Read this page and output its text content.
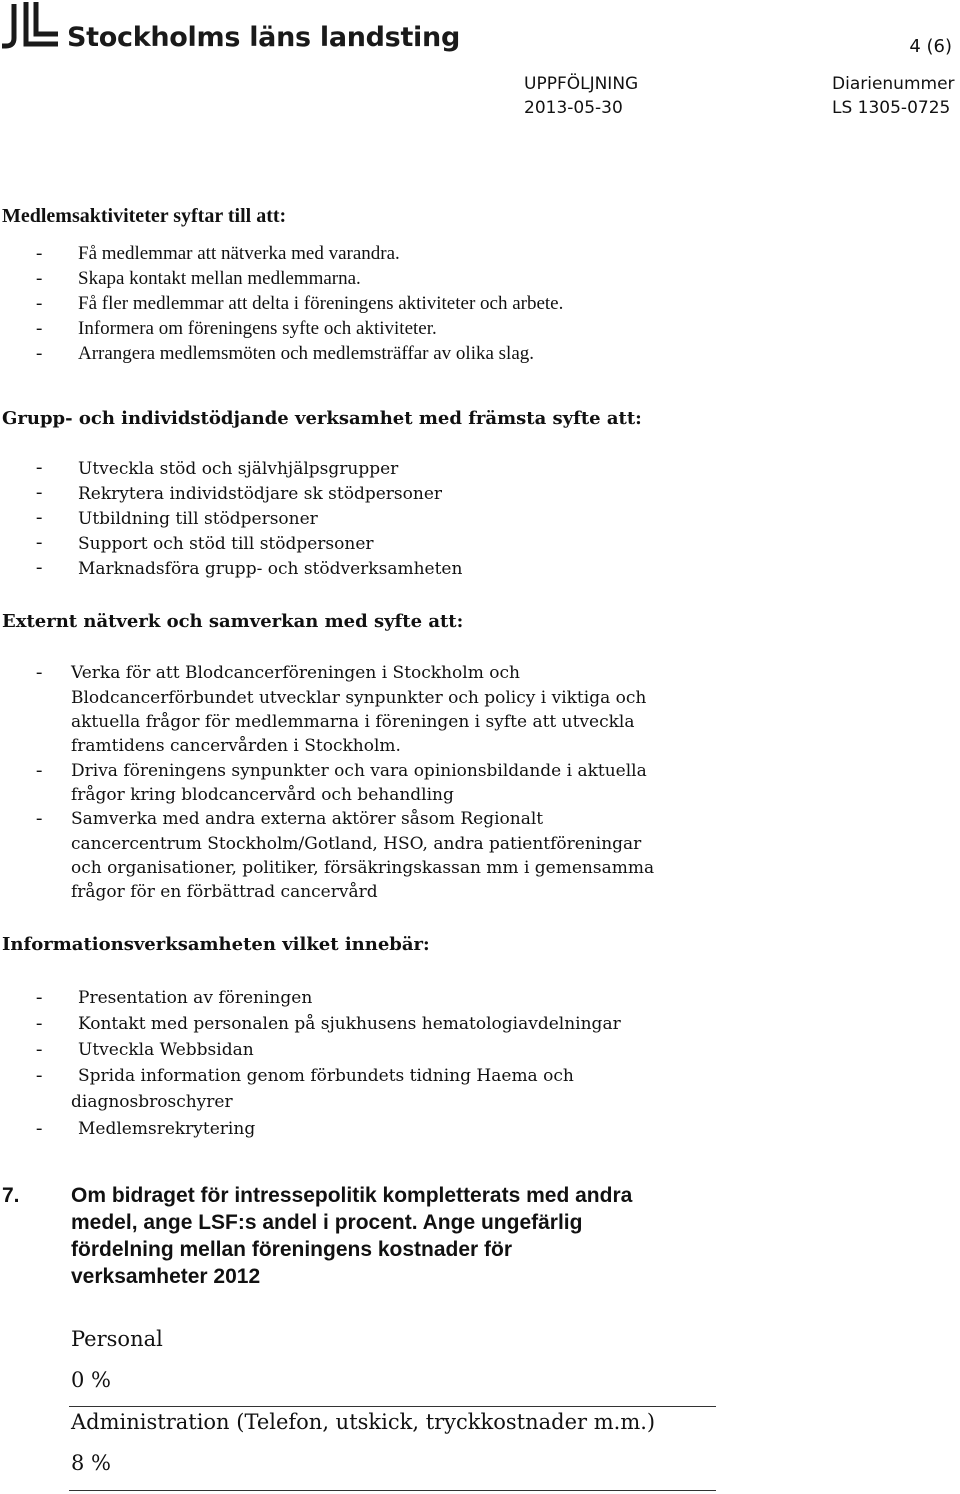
Stockholms läns landsting	4 (6)
UPPFÖLJNING
2013-05-30
Diarienummer
LS 1305-0725
Medlemsaktiviteter syftar till att:
- Få medlemmar att nätverka med varandra.
- Skapa kontakt mellan medlemmarna.
- Få fler medlemmar att delta i föreningens aktiviteter och arbete.
- Informera om föreningens syfte och aktiviteter.
- Arrangera medlemsmöten och medlemsträffar av olika slag.
Grupp- och individstödjande verksamhet med främsta syfte att:
- Utveckla stöd och självhjälpsgrupper
- Rekrytera individstödjare sk stödpersoner
- Utbildning till stödpersoner
- Support och stöd till stödpersoner
- Marknadsföra grupp- och stödverksamheten
Externt nätverk och samverkan med syfte att:
- Verka för att Blodcancerföreningen i Stockholm och
Blodcancerförbundet utvecklar synpunkter och policy i viktiga och
aktuella frågor för medlemmarna i föreningen i syfte att utveckla
framtidens cancervården i Stockholm.
- Driva föreningens synpunkter och vara opinionsbildande i aktuella
frågor kring blodcancervård och behandling
- Samverka med andra externa aktörer såsom Regionalt
cancercentrum Stockholm/Gotland, HSO, andra patientföreningar
och organisationer, politiker, försäkringskassan mm i gemensamma
frågor för en förbättrad cancervård
Informationsverksamheten vilket innebär:
- Presentation av föreningen
- Kontakt med personalen på sjukhusens hematologiavdelningar
- Utveckla Webbsidan
- Sprida information genom förbundets tidning Haema och
diagnosbroschyrer
- Medlemsrekrytering
7. Om bidraget för intressepolitik kompletterats med andra
medel, ange LSF:s andel i procent. Ange ungefärlig
fördelning mellan föreningens kostnader för
verksamheter 2012
Personal
0 %
Administration (Telefon, utskick, tryckkostnader m.m.)
8 %
